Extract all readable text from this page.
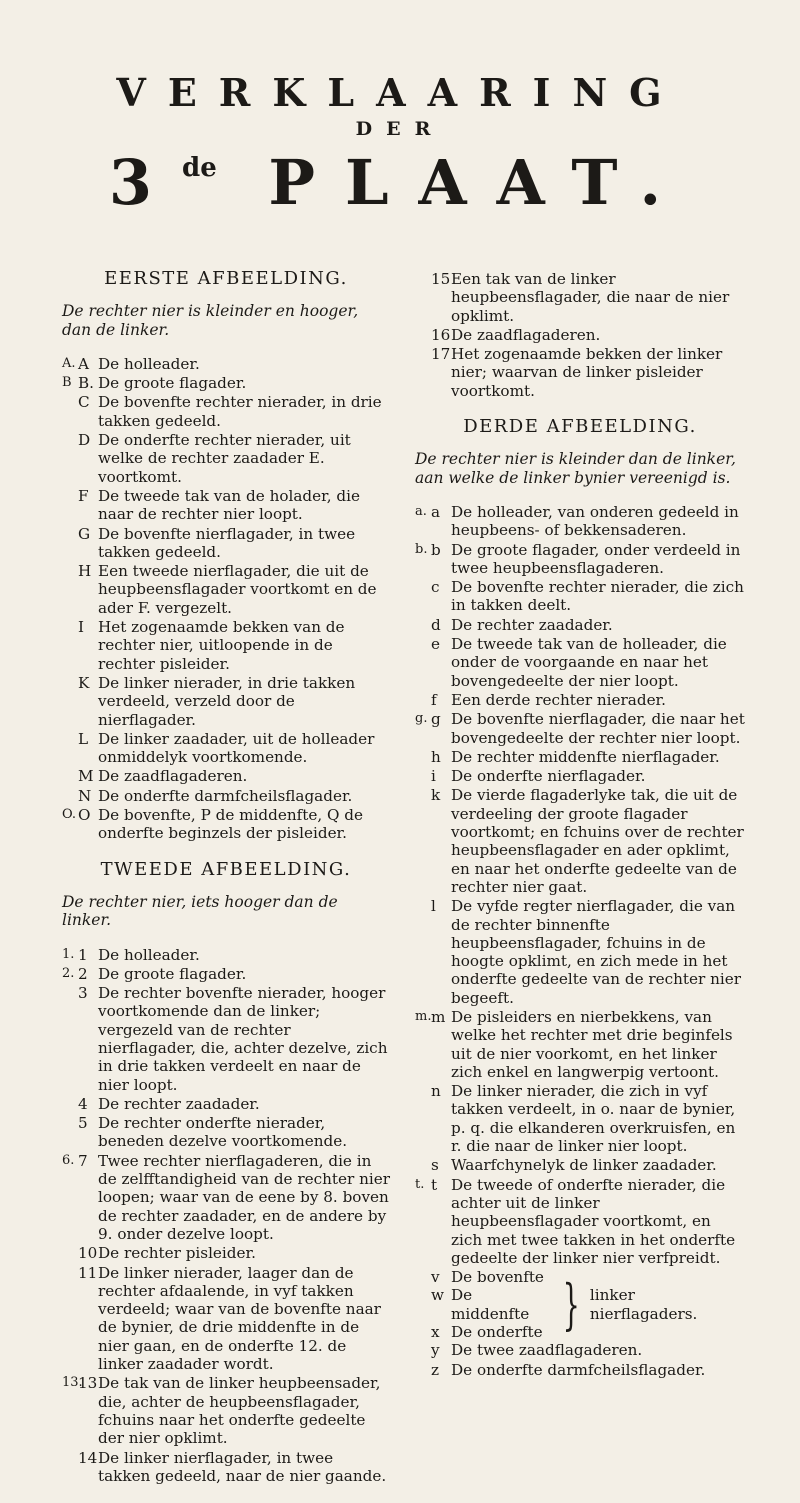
VERKLAARING
DER
3de PLAAT.
EERSTE AFBEELDING.
De rechter nier is kleinder en hooger, dan de linker.
A. A De holleader.
B B. De groote flagader.
C De bovenfte rechter nierader, in drie takken gedeeld.
D De onderfte rechter nierader, uit welke de rechter zaadader E. voortkomt.
F De tweede tak van de holader, die naar de rechter nier loopt.
G De bovenfte nierflagader, in twee takken gedeeld.
H Een tweede nierflagader, die uit de heupbeensflagader voortkomt en de ader F. vergezelt.
I Het zogenaamde bekken van de rechter nier, uitloopende in de rechter pisleider.
K De linker nierader, in drie takken verdeeld, verzeld door de nierflagader.
L De linker zaadader, uit de holleader onmiddelyk voortkomende.
M De zaadflagaderen.
N De onderfte darmfcheilsflagader.
O. O De bovenfte, P de middenfte, Q de onderfte beginzels der pisleider.
TWEEDE AFBEELDING.
De rechter nier, iets hooger dan de linker.
1. 1 De holleader.
2. 2 De groote flagader.
3 De rechter bovenfte nierader, hooger voortkomende dan de linker; vergezeld van de rechter nierflagader, die, achter dezelve, zich in drie takken verdeelt en naar de nier loopt.
4 De rechter zaadader.
5 De rechter onderfte nierader, beneden dezelve voortkomende.
6. 7 Twee rechter nierflagaderen, die in de zelfftandigheid van de rechter nier loopen; waar van de eene by 8. boven de rechter zaadader, en de andere by 9. onder dezelve loopt.
10 De rechter pisleider.
11 De linker nierader, laager dan de rechter afdaalende, in vyf takken verdeeld; waar van de bovenfte naar de bynier, de drie middenfte in de nier gaan, en de onderfte 12. de linker zaadader wordt.
13.
13 De tak van de linker heupbeensader, die, achter de heupbeensflagader, fchuins naar het onderfte gedeelte der nier opklimt.
14 De linker nierflagader, in twee takken gedeeld, naar de nier gaande.
15 Een tak van de linker heupbeensflagader, die naar de nier opklimt.
16 De zaadflagaderen.
17 Het zogenaamde bekken der linker nier; waarvan de linker pisleider voortkomt.
DERDE AFBEELDING.
De rechter nier is kleinder dan de linker, aan welke de linker bynier vereenigd is.
a. a De holleader, van onderen gedeeld in heupbeens- of bekkensaderen.
b. b De groote flagader, onder verdeeld in twee heupbeensflagaderen.
c De bovenfte rechter nierader, die zich in takken deelt.
d De rechter zaadader.
e De tweede tak van de holleader, die onder de voorgaande en naar het bovengedeelte der nier loopt.
f Een derde rechter nierader.
g. g De bovenfte nierflagader, die naar het bovengedeelte der rechter nier loopt.
h De rechter middenfte nierflagader.
i De onderfte nierflagader.
k De vierde flagaderlyke tak, die uit de verdeeling der groote flagader voortkomt; en fchuins over de rechter heupbeensflagader en ader opklimt, en naar het onderfte gedeelte van de rechter nier gaat.
l De vyfde regter nierflagader, die van de rechter binnenfte heupbeensflagader, fchuins in de hoogte opklimt, en zich mede in het onderfte gedeelte van de rechter nier begeeft.
m. m De pisleiders en nierbekkens, van welke het rechter met drie beginfels uit de nier voorkomt, en het linker zich enkel en langwerpig vertoont.
n De linker nierader, die zich in vyf takken verdeelt, in o. naar de bynier, p. q. die elkanderen overkruisfen, en r. die naar de linker nier loopt.
s Waarfchynelyk de linker zaadader.
t. t De tweede of onderfte nierader, die achter uit de linker heupbeensflagader voortkomt, en zich met twee takken in het onderfte gedeelte der linker nier verfpreidt.
v De bovenfte
w De middenfte
x De onderfte } linker nierflagaders.
y De twee zaadflagaderen.
z De onderfte darmfcheilsflagader.
